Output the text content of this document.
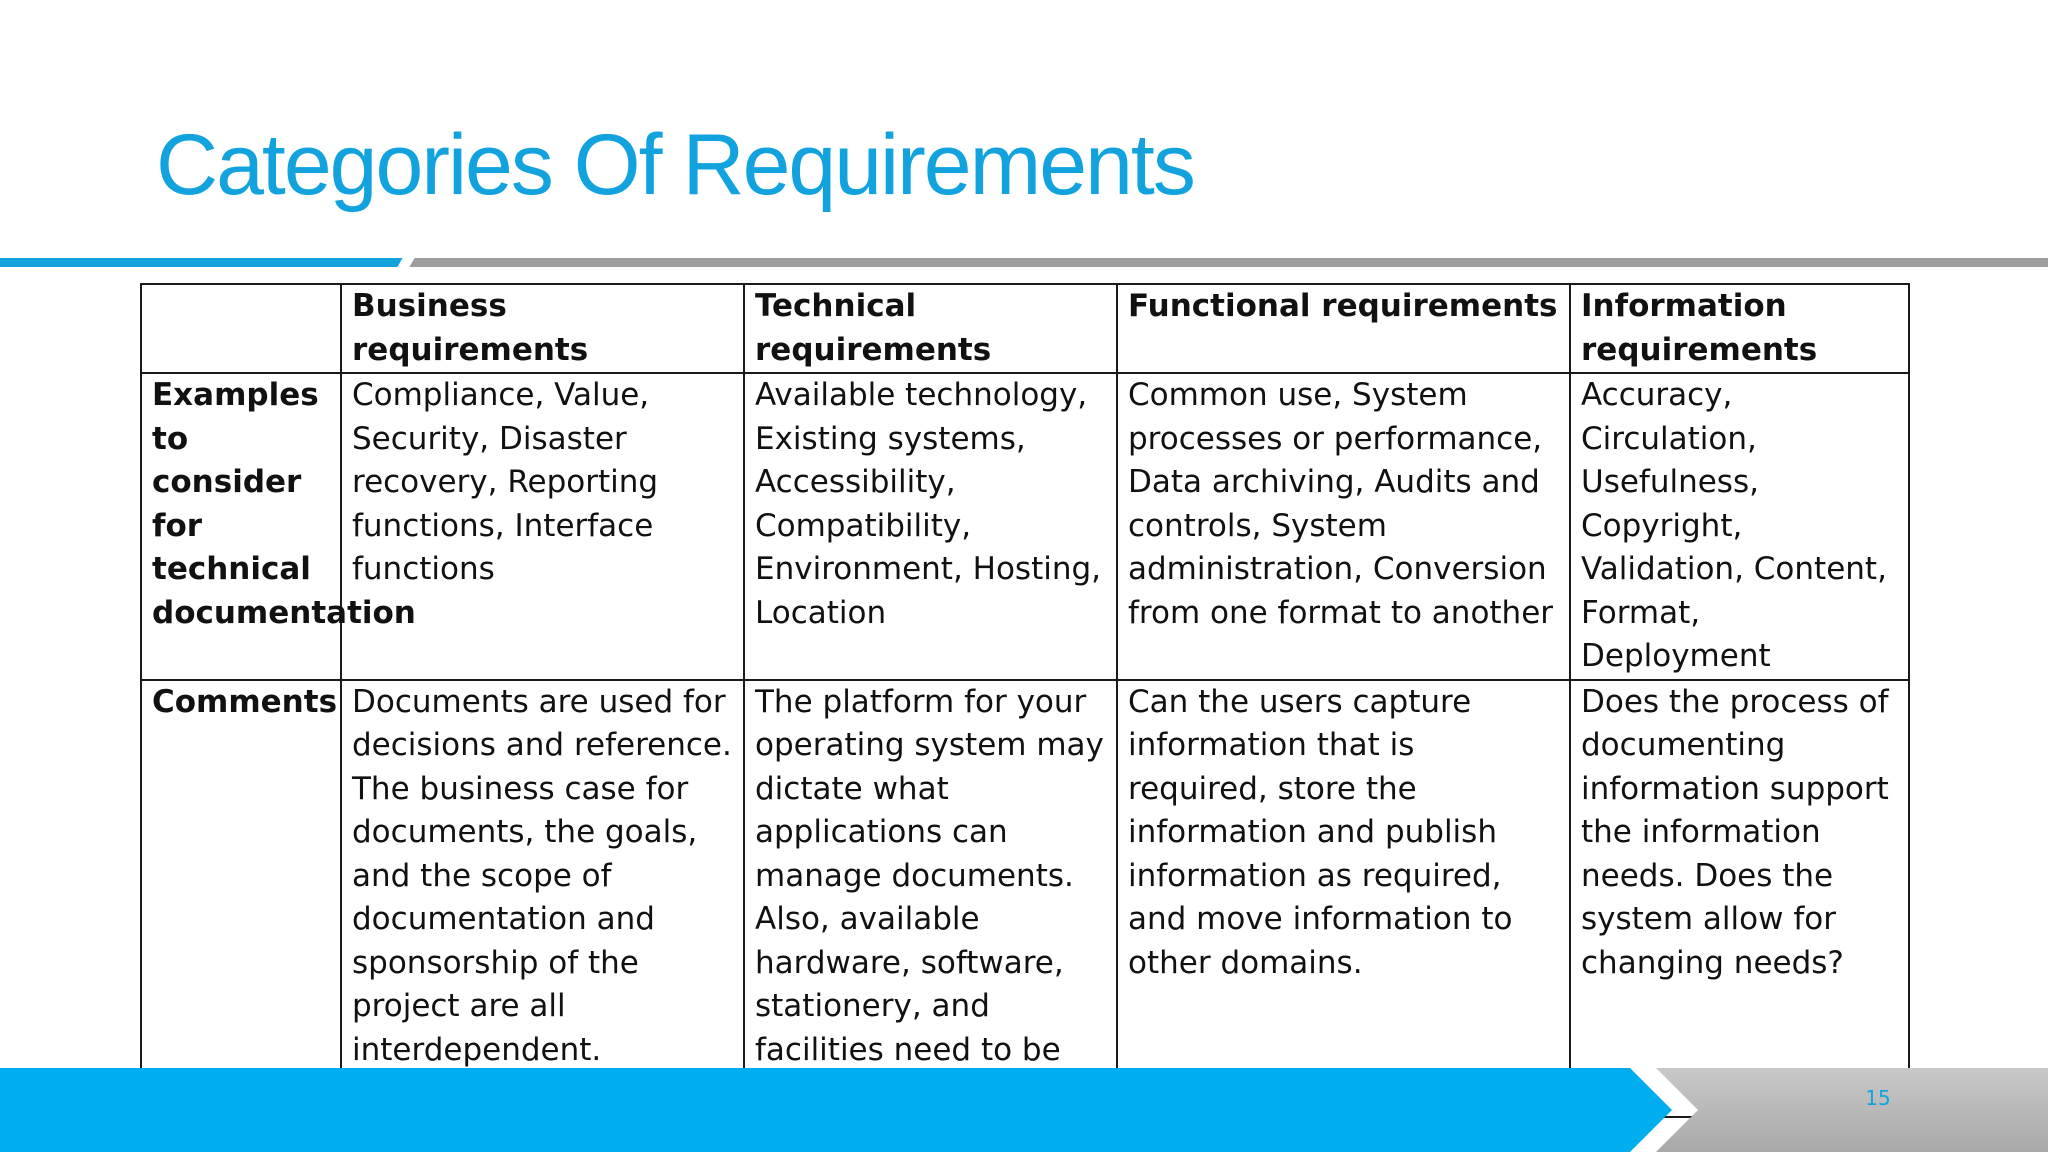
Categories Of Requirements
	Business requirements	Technical requirements	Functional requirements	Information requirements
Examples to consider for technical documentation	Compliance, Value, Security, Disaster recovery, Reporting functions, Interface functions	Available technology, Existing systems, Accessibility, Compatibility, Environment, Hosting, Location	Common use, System processes or performance, Data archiving, Audits and controls, System administration, Conversion from one format to another	Accuracy, Circulation, Usefulness, Copyright, Validation, Content, Format, Deployment
Comments	Documents are used for decisions and reference. The business case for documents, the goals, and the scope of documentation and sponsorship of the project are all interdependent.	The platform for your operating system may dictate what applications can manage documents. Also, available hardware, software, stationery, and facilities need to be	Can the users capture information that is required, store the information and publish information as required, and move information to other domains.	Does the process of documenting information support the information needs. Does the system allow for changing needs?
15
